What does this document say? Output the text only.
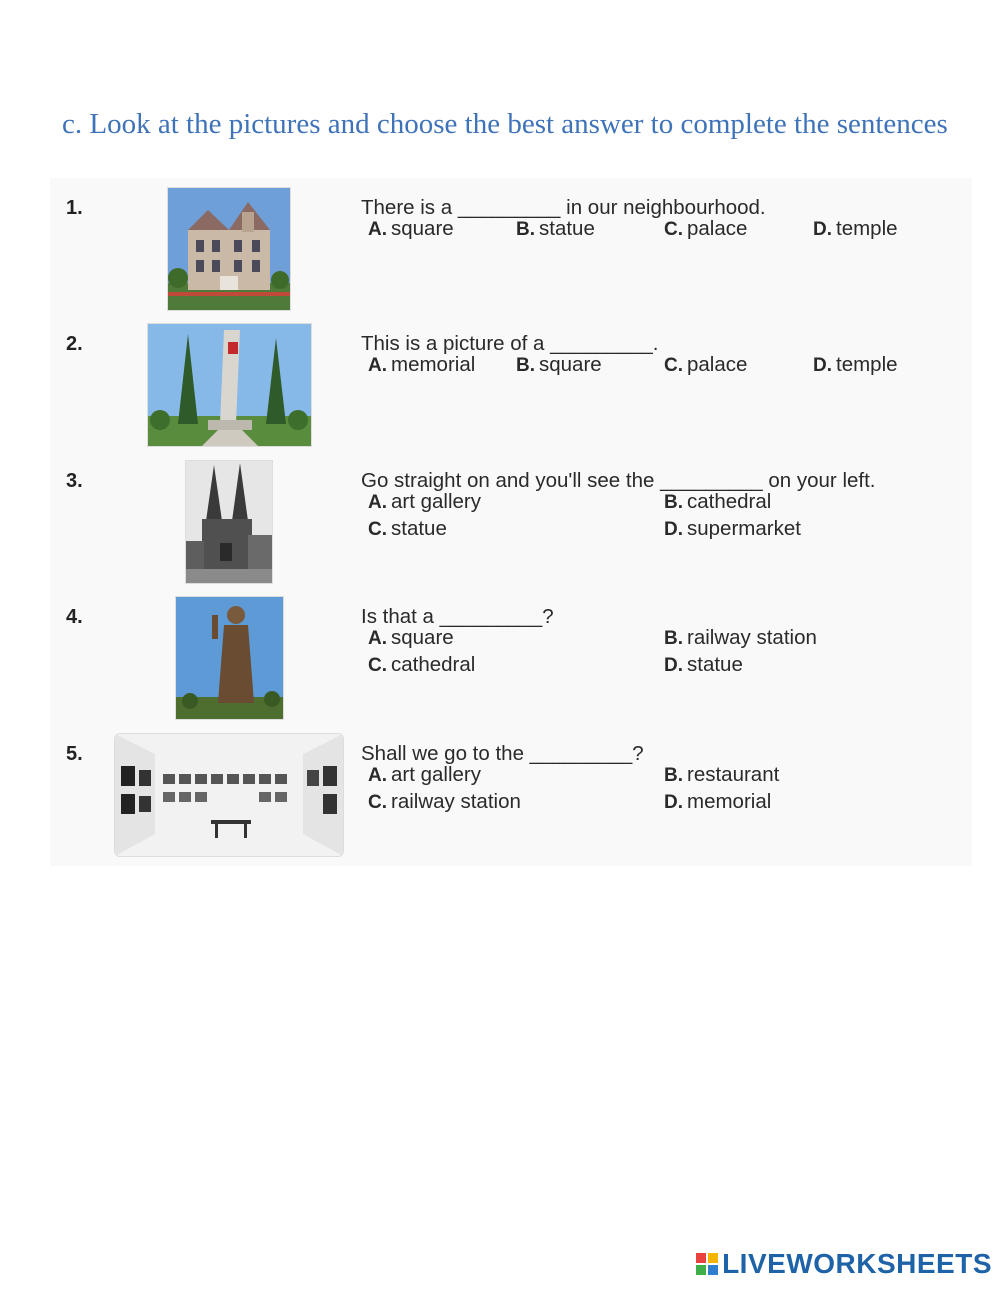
c. Look at the pictures and choose the best answer to complete the sentences
1.	There is a _________ in our neighbourhood.
A. square	B. statue	C. palace	D. temple
2.	This is a picture of a _________.
A. memorial B. square	C. palace	D. temple
3.	Go straight on and you'll see the _________ on your left.
A. art gallery	B. cathedral
C. statue	D. supermarket
4.	Is that a _________?
A. square	B. railway station
C. cathedral	D. statue
5.	Shall we go to the _________?
A. art gallery	B. restaurant
C. railway station	D. memorial
LIVEWORKSHEETS
